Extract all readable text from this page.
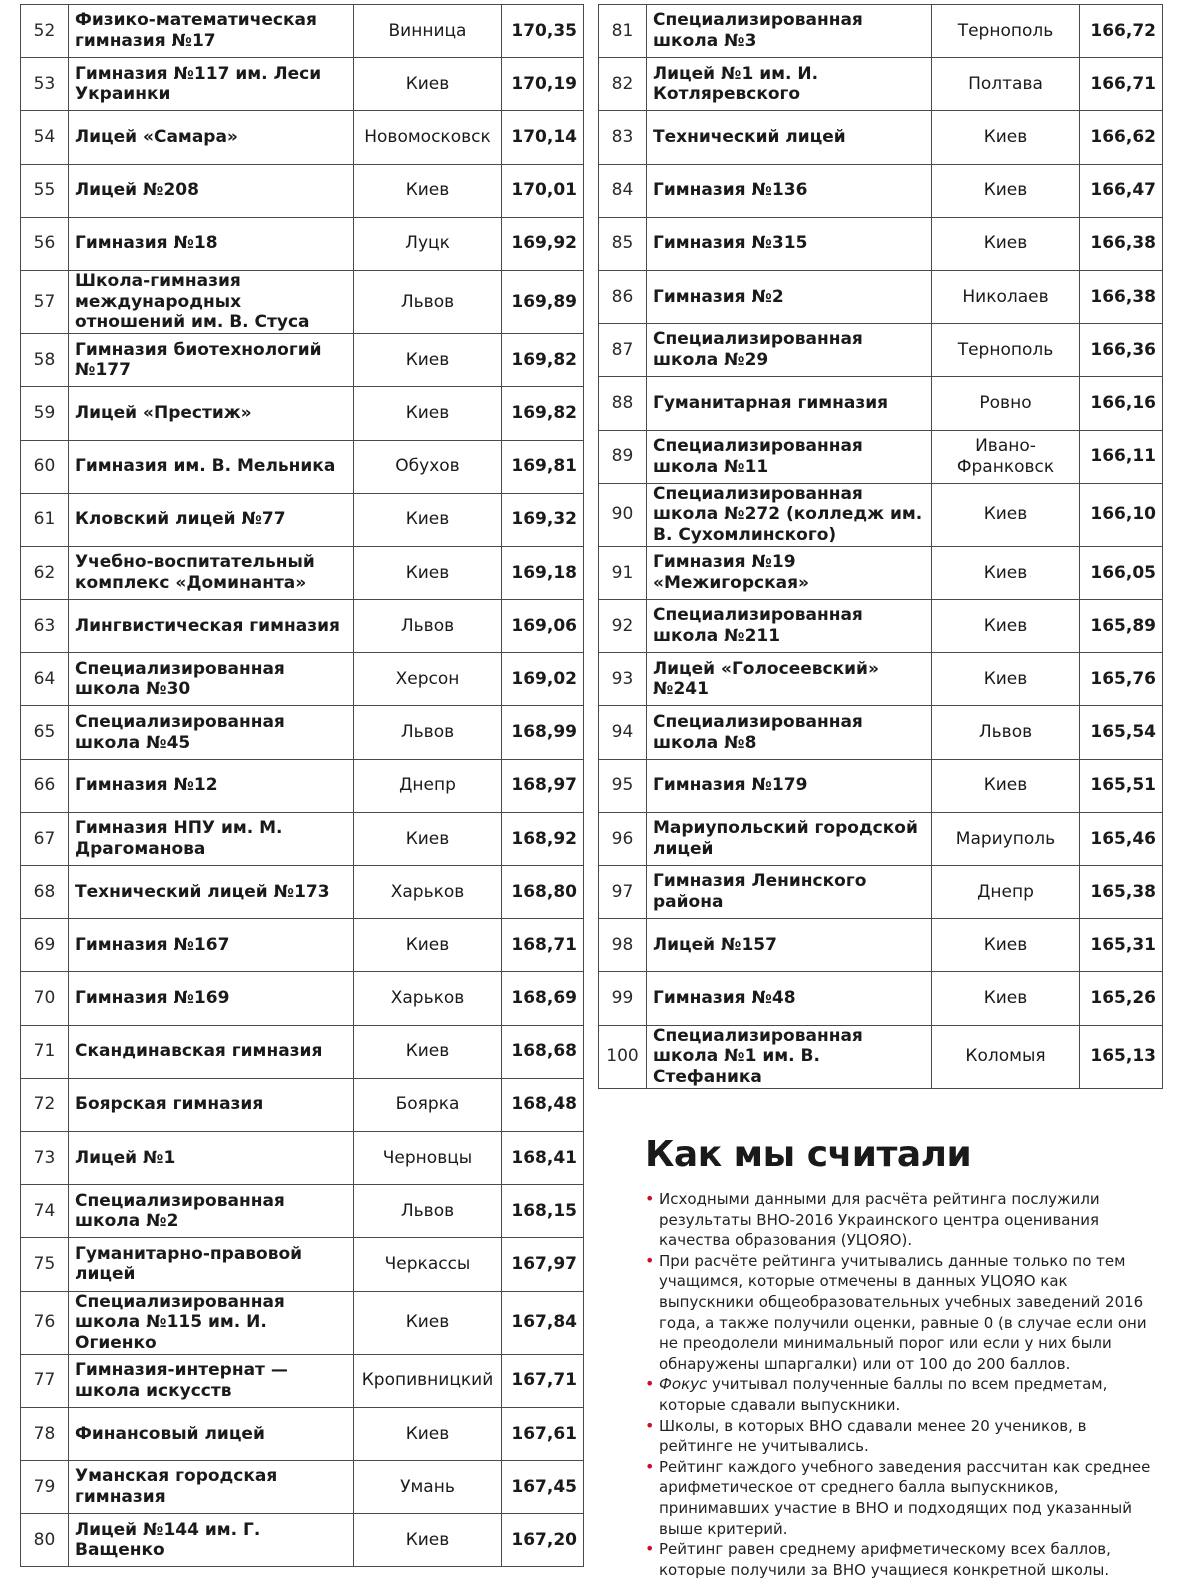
52	Физико-математическая гимназия №17	Винница	170,35
53	Гимназия №117 им. Леси Украинки	Киев	170,19
54	Лицей «Самара»	Новомосковск	170,14
55	Лицей №208	Киев	170,01
56	Гимназия №18	Луцк	169,92
57	Школа-гимназия международных отношений им. В. Стуса	Львов	169,89
58	Гимназия биотехнологий №177	Киев	169,82
59	Лицей «Престиж»	Киев	169,82
60	Гимназия им. В. Мельника	Обухов	169,81
61	Кловский лицей №77	Киев	169,32
62	Учебно-воспитательный комплекс «Доминанта»	Киев	169,18
63	Лингвистическая гимназия	Львов	169,06
64	Специализированная школа №30	Херсон	169,02
65	Специализированная школа №45	Львов	168,99
66	Гимназия №12	Днепр	168,97
67	Гимназия НПУ им. М. Драгоманова	Киев	168,92
68	Технический лицей №173	Харьков	168,80
69	Гимназия №167	Киев	168,71
70	Гимназия №169	Харьков	168,69
71	Скандинавская гимназия	Киев	168,68
72	Боярская гимназия	Боярка	168,48
73	Лицей №1	Черновцы	168,41
74	Специализированная школа №2	Львов	168,15
75	Гуманитарно-правовой лицей	Черкассы	167,97
76	Специализированная школа №115 им. И. Огиенко	Киев	167,84
77	Гимназия-интернат — школа искусств	Кропивницкий	167,71
78	Финансовый лицей	Киев	167,61
79	Уманская городская гимназия	Умань	167,45
80	Лицей №144 им. Г. Ващенко	Киев	167,20
81	Специализированная школа №3	Тернополь	166,72
82	Лицей №1 им. И. Котляревского	Полтава	166,71
83	Технический лицей	Киев	166,62
84	Гимназия №136	Киев	166,47
85	Гимназия №315	Киев	166,38
86	Гимназия №2	Николаев	166,38
87	Специализированная школа №29	Тернополь	166,36
88	Гуманитарная гимназия	Ровно	166,16
89	Специализированная школа №11	Ивано-Франковск	166,11
90	Специализированная школа №272 (колледж им. В. Сухомлинского)	Киев	166,10
91	Гимназия №19 «Межигорская»	Киев	166,05
92	Специализированная школа №211	Киев	165,89
93	Лицей «Голосеевский» №241	Киев	165,76
94	Специализированная школа №8	Львов	165,54
95	Гимназия №179	Киев	165,51
96	Мариупольский городской лицей	Мариуполь	165,46
97	Гимназия Ленинского района	Днепр	165,38
98	Лицей №157	Киев	165,31
99	Гимназия №48	Киев	165,26
100	Специализированная школа №1 им. В. Стефаника	Коломыя	165,13
Как мы считали
• Исходными данными для расчёта рейтинга послужили результаты ВНО-2016 Украинского центра оценивания качества образования (УЦОЯО).
• При расчёте рейтинга учитывались данные только по тем учащимся, которые отмечены в данных УЦОЯО как выпускники общеобразовательных учебных заведений 2016 года, а также получили оценки, равные 0 (в случае если они не преодолели минимальный порог или если у них были обнаружены шпаргалки) или от 100 до 200 баллов.
• Фокус учитывал полученные баллы по всем предметам, которые сдавали выпускники.
• Школы, в которых ВНО сдавали менее 20 учеников, в рейтинге не учитывались.
• Рейтинг каждого учебного заведения рассчитан как среднее арифметическое от среднего балла выпускников, принимавших участие в ВНО и подходящих под указанный выше критерий.
• Рейтинг равен среднему арифметическому всех баллов, которые получили за ВНО учащиеся конкретной школы.
